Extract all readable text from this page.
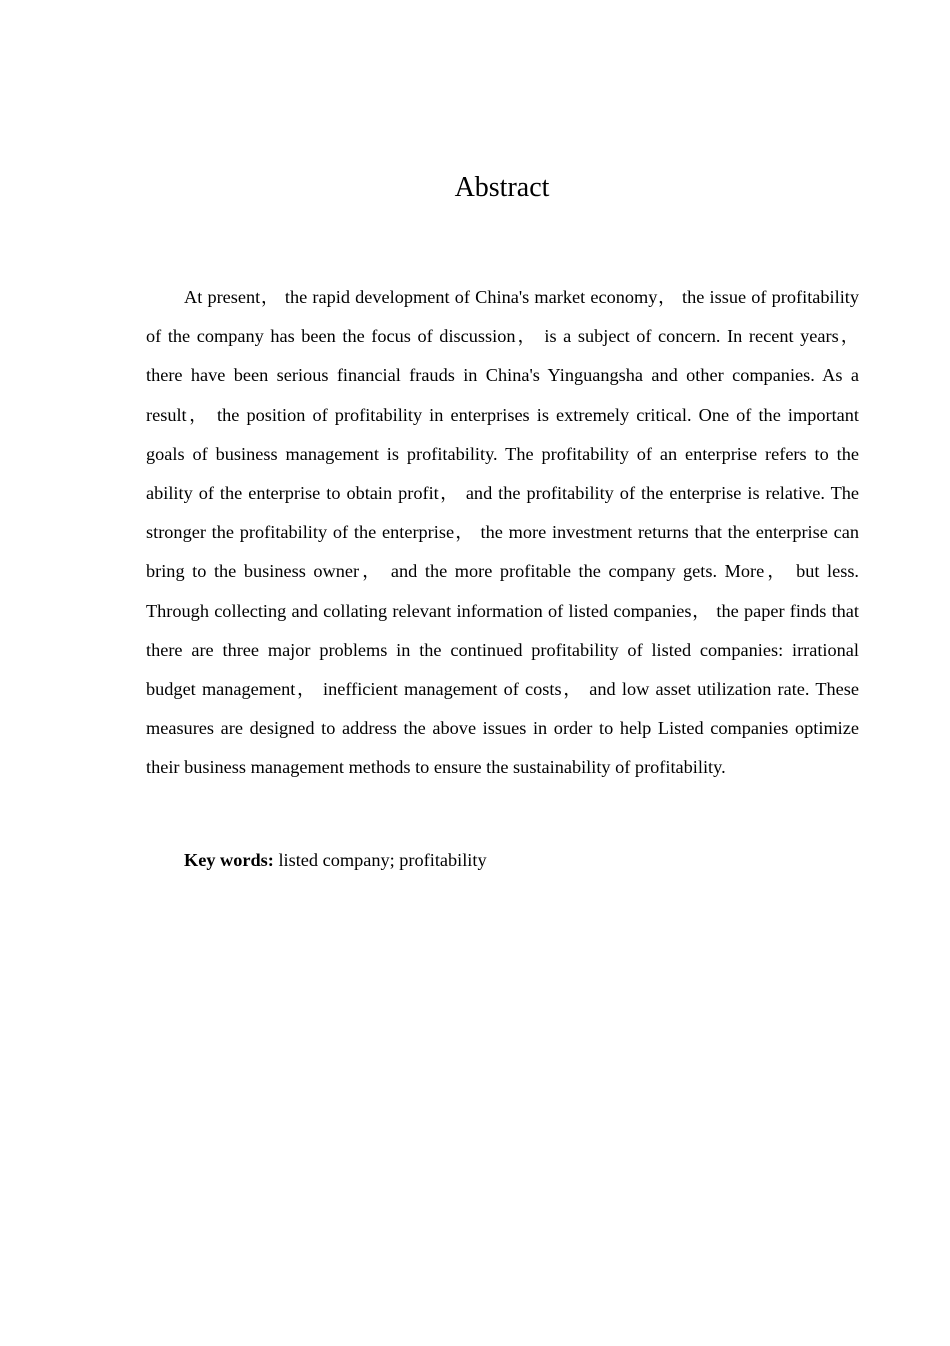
Abstract

At present， the rapid development of China's market economy， the issue of profitability of the company has been the focus of discussion， is a subject of concern. In recent years， there have been serious financial frauds in China's Yinguangsha and other companies. As a result， the position of profitability in enterprises is extremely critical. One of the important goals of business management is profitability. The profitability of an enterprise refers to the ability of the enterprise to obtain profit， and the profitability of the enterprise is relative. The stronger the profitability of the enterprise， the more investment returns that the enterprise can bring to the business owner， and the more profitable the company gets. More， but less. Through collecting and collating relevant information of listed companies， the paper finds that there are three major problems in the continued profitability of listed companies: irrational budget management， inefficient management of costs， and low asset utilization rate. These measures are designed to address the above issues in order to help Listed companies optimize their business management methods to ensure the sustainability of profitability.

Key words: listed company; profitability
